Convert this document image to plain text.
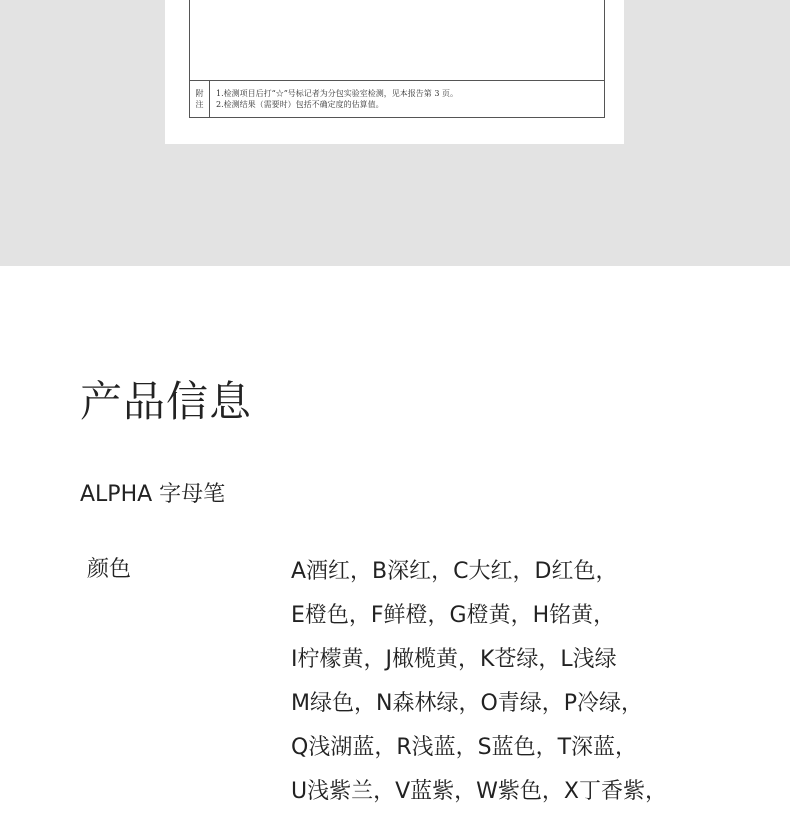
附
注
1.检测项目后打“☆”号标记者为分包实验室检测，见本报告第 3 页。
2.检测结果（需要时）包括不确定度的估算值。
产品信息
ALPHA 字母笔
颜色	A酒红，B深红，C大红，D红色，
E橙色，F鲜橙，G橙黄，H铭黄，
I柠檬黄，J橄榄黄，K苍绿，L浅绿
M绿色，N森林绿，O青绿，P冷绿，
Q浅湖蓝，R浅蓝，S蓝色，T深蓝，
U浅紫兰，V蓝紫，W紫色，X丁香紫，
